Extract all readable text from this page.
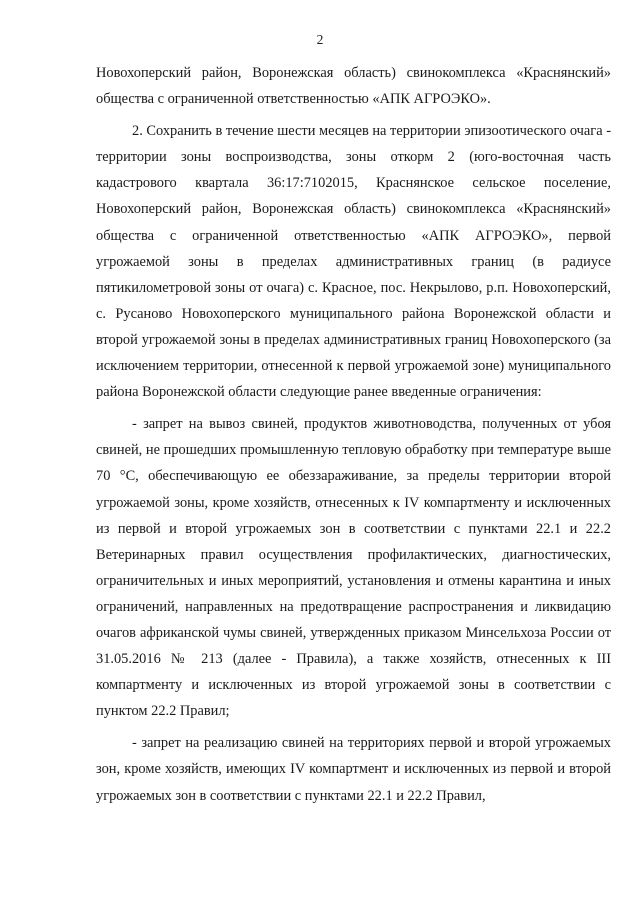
2

Новохоперский район, Воронежская область) свинокомплекса «Краснянский» общества с ограниченной ответственностью «АПК АГРОЭКО».

2. Сохранить в течение шести месяцев на территории эпизоотического очага - территории зоны воспроизводства, зоны откорм 2 (юго-восточная часть кадастрового квартала 36:17:7102015, Краснянское сельское поселение, Новохоперский район, Воронежская область) свинокомплекса «Краснянский» общества с ограниченной ответственностью «АПК АГРОЭКО», первой угрожаемой зоны в пределах административных границ (в радиусе пятикилометровой зоны от очага) с. Красное, пос. Некрылово, р.п. Новохоперский, с. Русаново Новохоперского муниципального района Воронежской области и второй угрожаемой зоны в пределах административных границ Новохоперского (за исключением территории, отнесенной к первой угрожаемой зоне) муниципального района Воронежской области следующие ранее введенные ограничения:

- запрет на вывоз свиней, продуктов животноводства, полученных от убоя свиней, не прошедших промышленную тепловую обработку при температуре выше 70 °С, обеспечивающую ее обеззараживание, за пределы территории второй угрожаемой зоны, кроме хозяйств, отнесенных к IV компартменту и исключенных из первой и второй угрожаемых зон в соответствии с пунктами 22.1 и 22.2 Ветеринарных правил осуществления профилактических, диагностических, ограничительных и иных мероприятий, установления и отмены карантина и иных ограничений, направленных на предотвращение распространения и ликвидацию очагов африканской чумы свиней, утвержденных приказом Минсельхоза России от 31.05.2016 № 213 (далее - Правила), а также хозяйств, отнесенных к III компартменту и исключенных из второй угрожаемой зоны в соответствии с пунктом 22.2 Правил;

- запрет на реализацию свиней на территориях первой и второй угрожаемых зон, кроме хозяйств, имеющих IV компартмент и исключенных из первой и второй угрожаемых зон в соответствии с пунктами 22.1 и 22.2 Правил,
